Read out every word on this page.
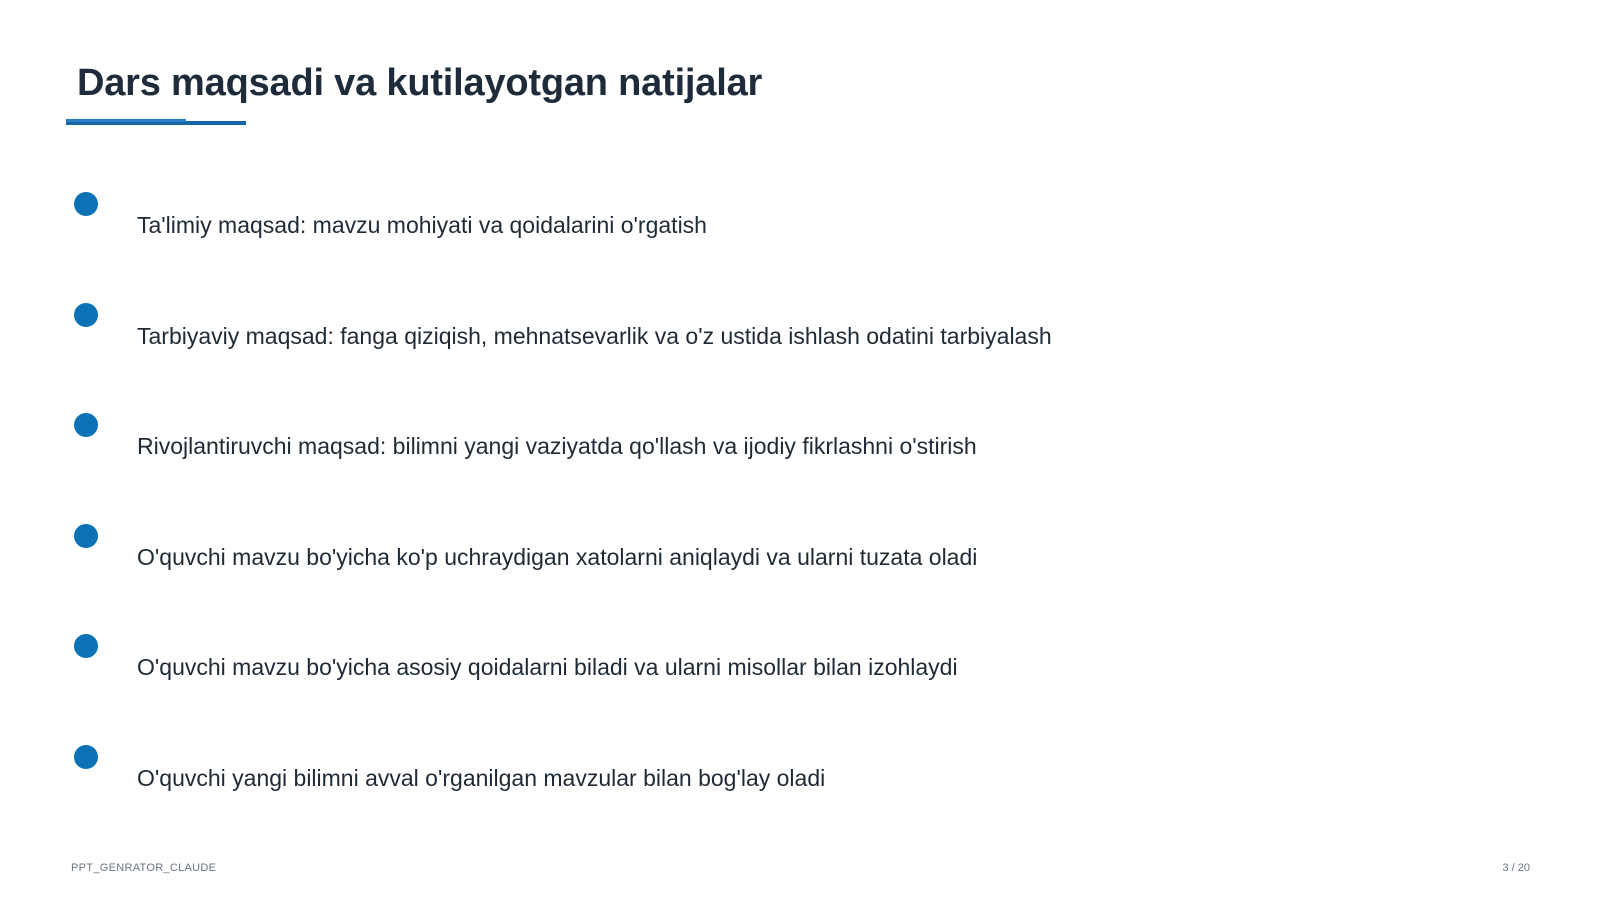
Dars maqsadi va kutilayotgan natijalar
Ta'limiy maqsad: mavzu mohiyati va qoidalarini o'rgatish
Tarbiyaviy maqsad: fanga qiziqish, mehnatsevarlik va o'z ustida ishlash odatini tarbiyalash
Rivojlantiruvchi maqsad: bilimni yangi vaziyatda qo'llash va ijodiy fikrlashni o'stirish
O'quvchi mavzu bo'yicha ko'p uchraydigan xatolarni aniqlaydi va ularni tuzata oladi
O'quvchi mavzu bo'yicha asosiy qoidalarni biladi va ularni misollar bilan izohlaydi
O'quvchi yangi bilimni avval o'rganilgan mavzular bilan bog'lay oladi
PPT_GENRATOR_CLAUDE	3 / 20
